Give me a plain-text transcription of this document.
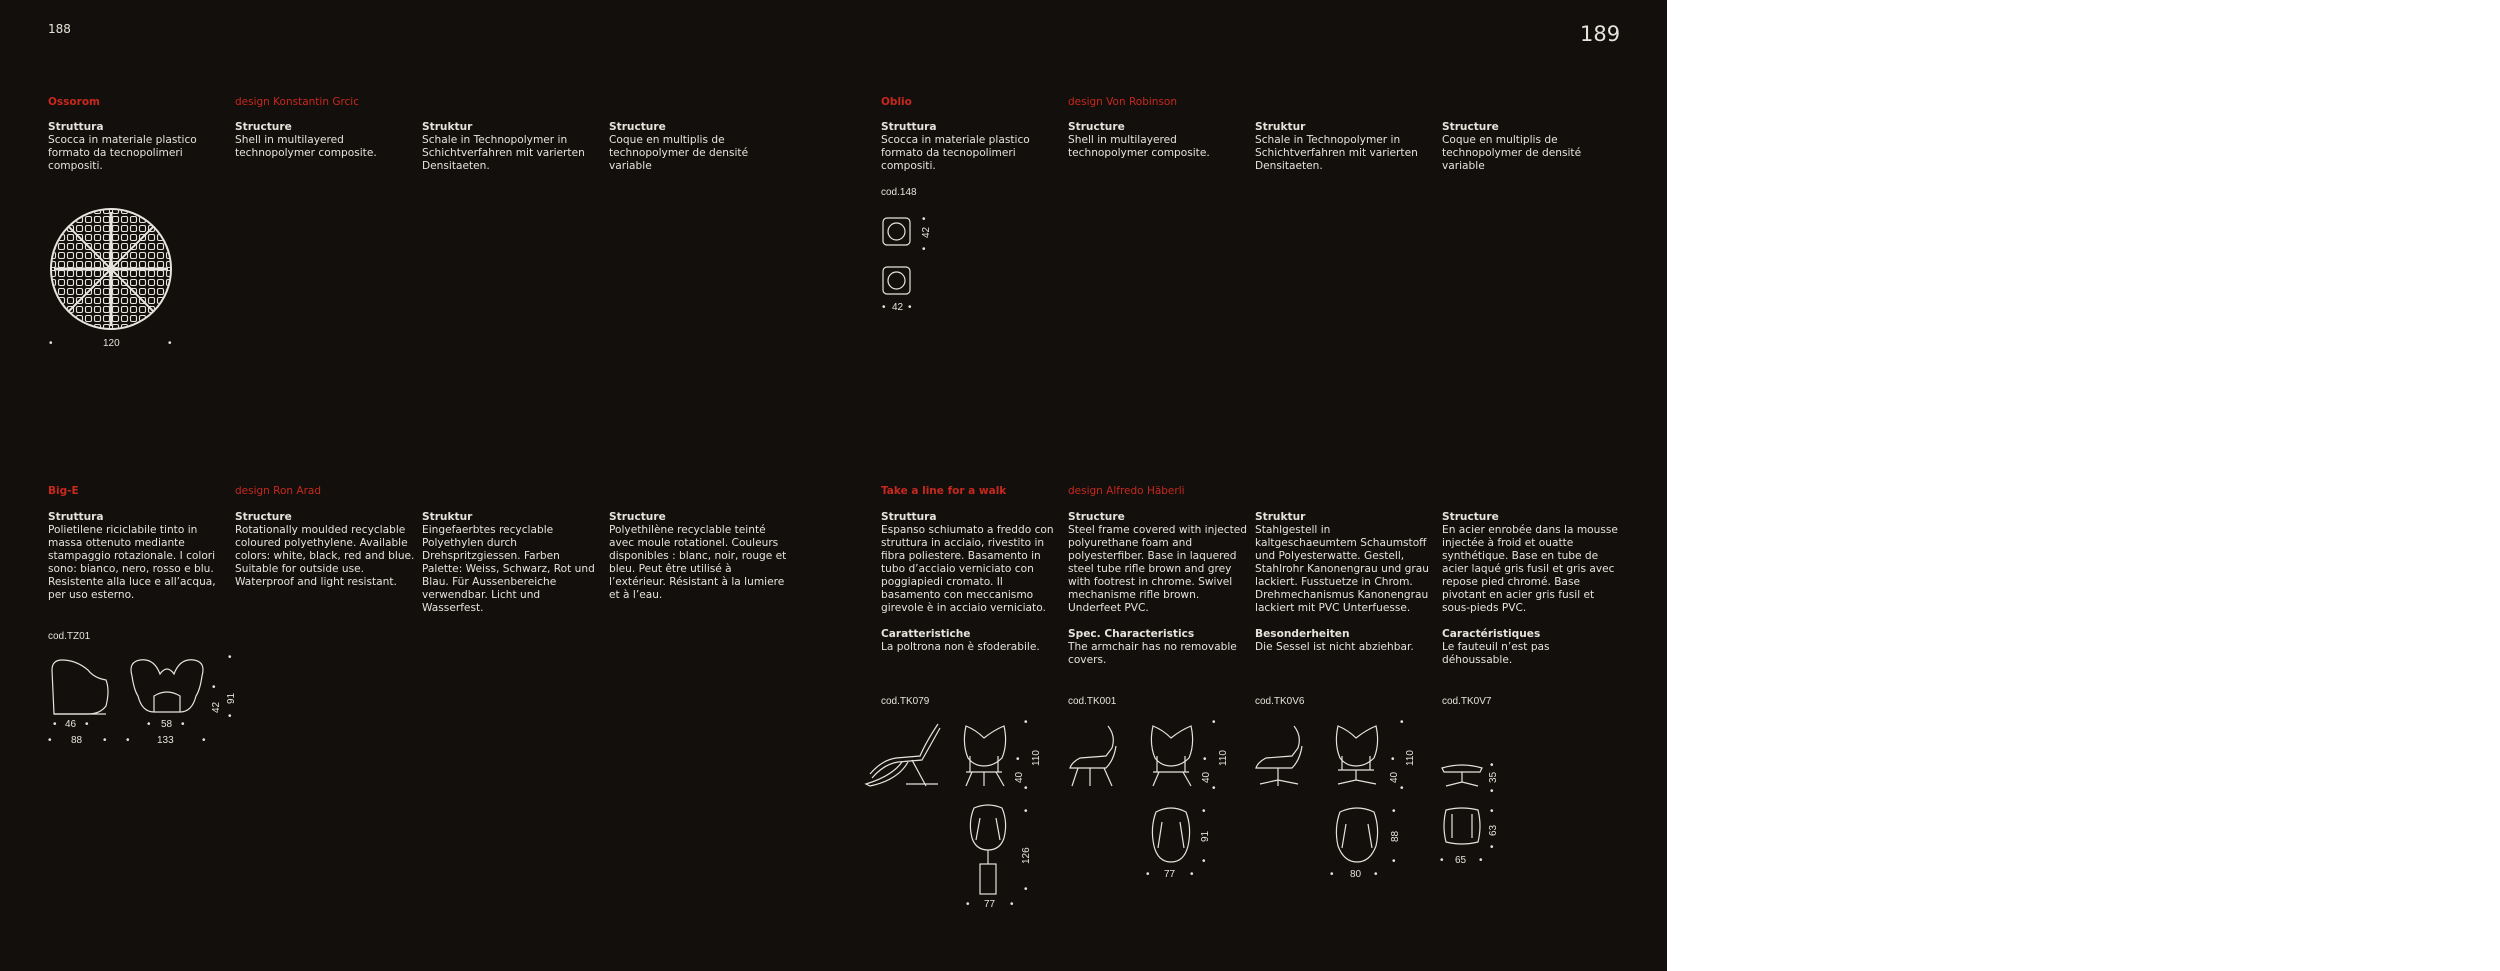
188	189
Ossorom	design Konstantin Grcic
Struttura
Scocca in materiale plastico formato da tecnopolimeri compositi.
Structure
Shell in multilayered technopolymer composite.
Struktur
Schale in Technopolymer in Schichtverfahren mit varierten Densitaeten.
Structure
Coque en multiplis de technopolymer de densité variable
•	120	•
Oblio	design Von Robinson
Struttura
Scocca in materiale plastico formato da tecnopolimeri compositi.
Structure
Shell in multilayered technopolymer composite.
Struktur
Schale in Technopolymer in Schichtverfahren mit varierten Densitaeten.
Structure
Coque en multiplis de technopolymer de densité variable
cod.148
•
42
•
• 42 •
Big-E	design Ron Arad
Struttura
Polietilene riciclabile tinto in massa ottenuto mediante stampaggio rotazionale. I colori sono: bianco, nero, rosso e blu. Resistente alla luce e all’acqua, per uso esterno.
Structure
Rotationally moulded recyclable coloured polyethylene. Available colors: white, black, red and blue. Suitable for outside use. Waterproof and light resistant.
Struktur
Eingefaerbtes recyclable Polyethylen durch Drehspritzgiessen. Farben Palette: Weiss, Schwarz, Rot und Blau. Für Aussenbereiche verwendbar. Licht und Wasserfest.
Structure
Polyethilène recyclable teinté avec moule rotationel. Couleurs disponibles : blanc, noir, rouge et bleu. Peut être utilisé à l’extérieur. Résistant à la lumiere et à l’eau.
cod.TZ01
•
91
•
•
42
• 46 •
• 88 •
• 58 •
•	133	•
Take a line for a walk	design Alfredo Häberli
Struttura
Espanso schiumato a freddo con struttura in acciaio, rivestito in fibra poliestere. Basamento in tubo d’acciaio verniciato con poggiapiedi cromato. Il basamento con meccanismo girevole è in acciaio verniciato.
Caratteristiche
La poltrona non è sfoderabile.
Structure
Steel frame covered with injected polyurethane foam and polyesterfiber. Base in laquered steel tube rifle brown and grey with footrest in chrome. Swivel mechanisme rifle brown. Underfeet PVC.
Spec. Characteristics
The armchair has no removable covers.
Struktur
Stahlgestell in kaltgeschaeumtem Schaumstoff und Polyesterwatte. Gestell, Stahlrohr Kanonengrau und grau lackiert. Fusstuetze in Chrom. Drehmechanismus Kanonengrau lackiert mit PVC Unterfuesse.
Besonderheiten
Die Sessel ist nicht abziehbar.
Structure
En acier enrobée dans la mousse injectée à froid et ouatte synthétique. Base en tube de acier laqué gris fusil et gris avec repose pied chromé. Base pivotant en acier gris fusil et sous-pieds PVC.
Caractéristiques
Le fauteuil n’est pas déhoussable.
cod.TK079
•
110
•
•
40
•
126
•
• 77 •
cod.TK001
•
110
•
•
40
•
91
•
• 77 •
cod.TK0V6
•
110
•
•
40
•
88
•
• 80 •
cod.TK0V7
•
35
•
•
63
•
• 65 •
